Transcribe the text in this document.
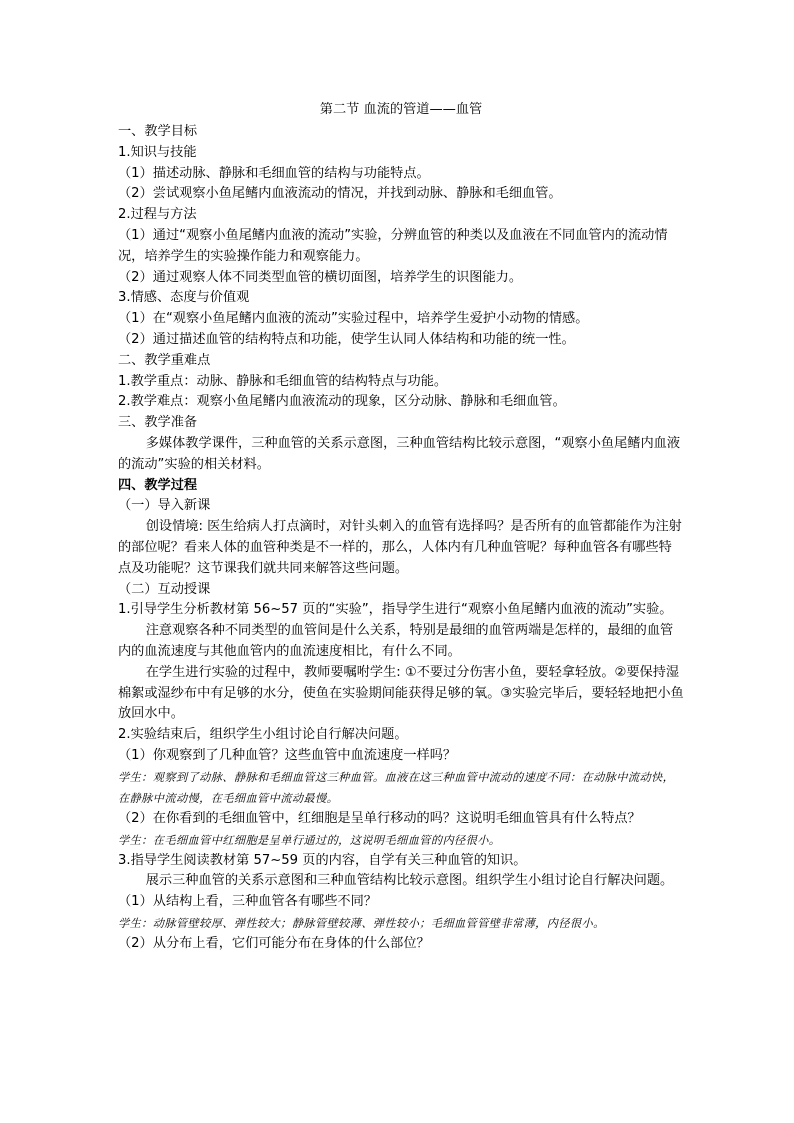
第二节 血流的管道——血管

一、教学目标

1.知识与技能

（1）描述动脉、静脉和毛细血管的结构与功能特点。

（2）尝试观察小鱼尾鳍内血液流动的情况，并找到动脉、静脉和毛细血管。

2.过程与方法

（1）通过“观察小鱼尾鳍内血液的流动”实验，分辨血管的种类以及血液在不同血管内的流动情况，培养学生的实验操作能力和观察能力。

（2）通过观察人体不同类型血管的横切面图，培养学生的识图能力。

3.情感、态度与价值观

（1）在“观察小鱼尾鳍内血液的流动”实验过程中，培养学生爱护小动物的情感。

（2）通过描述血管的结构特点和功能，使学生认同人体结构和功能的统一性。

二、教学重难点

1.教学重点：动脉、静脉和毛细血管的结构特点与功能。

2.教学难点：观察小鱼尾鳍内血液流动的现象，区分动脉、静脉和毛细血管。

三、教学准备

多媒体教学课件，三种血管的关系示意图，三种血管结构比较示意图，“观察小鱼尾鳍内血液的流动”实验的相关材料。

四、教学过程

（一）导入新课

创设情境: 医生给病人打点滴时，对针头刺入的血管有选择吗？是否所有的血管都能作为注射的部位呢？看来人体的血管种类是不一样的，那么，人体内有几种血管呢？每种血管各有哪些特点及功能呢？这节课我们就共同来解答这些问题。

（二）互动授课

1.引导学生分析教材第 56~57 页的“实验”，指导学生进行“观察小鱼尾鳍内血液的流动”实验。

注意观察各种不同类型的血管间是什么关系，特别是最细的血管两端是怎样的，最细的血管内的血流速度与其他血管内的血流速度相比，有什么不同。

在学生进行实验的过程中，教师要嘱咐学生: ①不要过分伤害小鱼，要轻拿轻放。②要保持湿棉絮或湿纱布中有足够的水分，使鱼在实验期间能获得足够的氧。③实验完毕后，要轻轻地把小鱼放回水中。

2.实验结束后，组织学生小组讨论自行解决问题。

（1）你观察到了几种血管？这些血管中血流速度一样吗？

学生：观察到了动脉、静脉和毛细血管这三种血管。血液在这三种血管中流动的速度不同：在动脉中流动快，在静脉中流动慢，在毛细血管中流动最慢。

（2）在你看到的毛细血管中，红细胞是呈单行移动的吗？这说明毛细血管具有什么特点？

学生：在毛细血管中红细胞是呈单行通过的，这说明毛细血管的内径很小。

3.指导学生阅读教材第 57~59 页的内容，自学有关三种血管的知识。

展示三种血管的关系示意图和三种血管结构比较示意图。组织学生小组讨论自行解决问题。

（1）从结构上看，三种血管各有哪些不同？

学生：动脉管壁较厚、弹性较大；静脉管壁较薄、弹性较小；毛细血管管壁非常薄，内径很小。

（2）从分布上看，它们可能分布在身体的什么部位？
